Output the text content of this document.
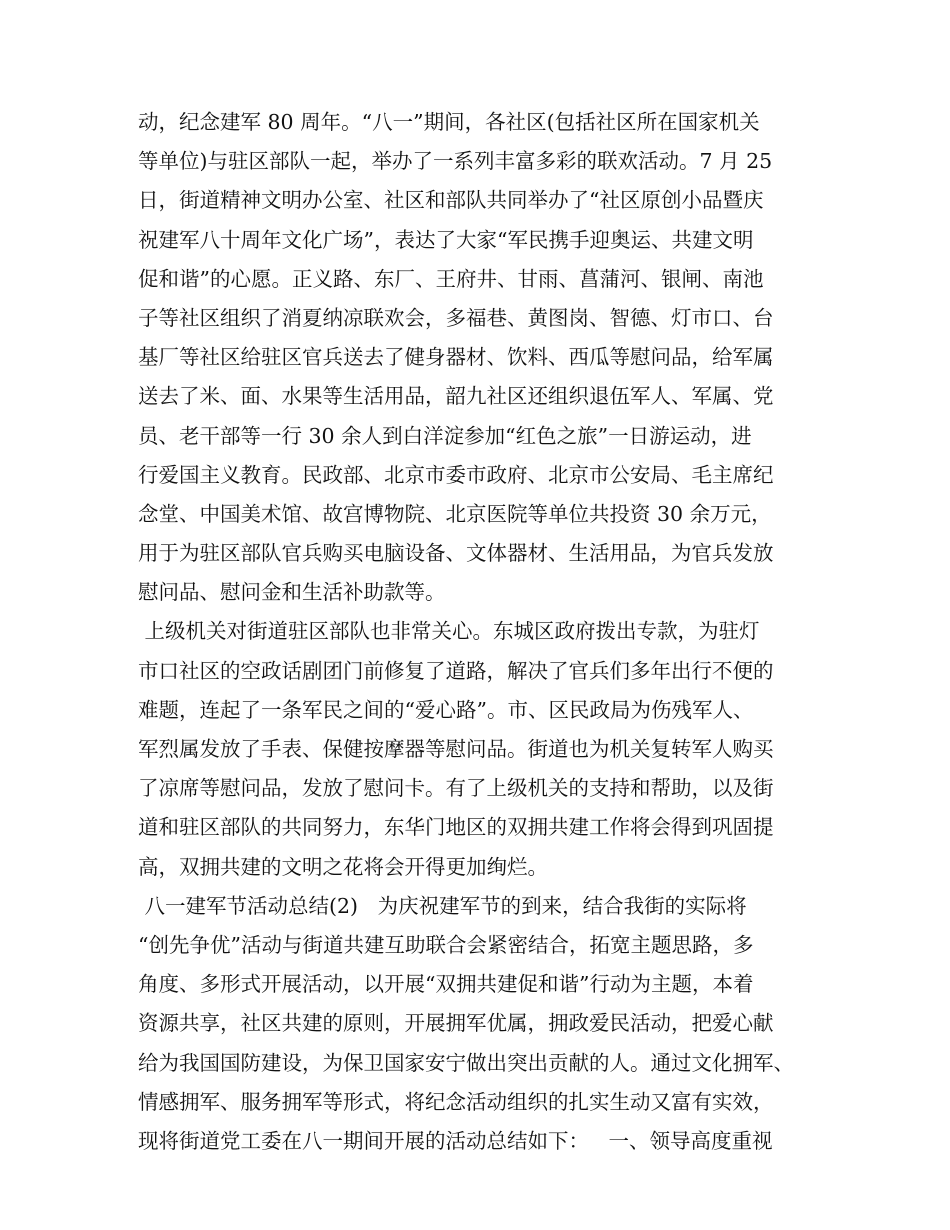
动，纪念建军 80 周年。“八一”期间，各社区(包括社区所在国家机关
等单位)与驻区部队一起，举办了一系列丰富多彩的联欢活动。7 月 25
日，街道精神文明办公室、社区和部队共同举办了“社区原创小品暨庆
祝建军八十周年文化广场”，表达了大家“军民携手迎奥运、共建文明
促和谐”的心愿。正义路、东厂、王府井、甘雨、菖蒲河、银闸、南池
子等社区组织了消夏纳凉联欢会，多福巷、黄图岗、智德、灯市口、台
基厂等社区给驻区官兵送去了健身器材、饮料、西瓜等慰问品，给军属
送去了米、面、水果等生活用品，韶九社区还组织退伍军人、军属、党
员、老干部等一行 30 余人到白洋淀参加“红色之旅”一日游运动，进
行爱国主义教育。民政部、北京市委市政府、北京市公安局、毛主席纪
念堂、中国美术馆、故宫博物院、北京医院等单位共投资 30 余万元，
用于为驻区部队官兵购买电脑设备、文体器材、生活用品，为官兵发放
慰问品、慰问金和生活补助款等。
上级机关对街道驻区部队也非常关心。东城区政府拨出专款，为驻灯
市口社区的空政话剧团门前修复了道路，解决了官兵们多年出行不便的
难题，连起了一条军民之间的“爱心路”。市、区民政局为伤残军人、
军烈属发放了手表、保健按摩器等慰问品。街道也为机关复转军人购买
了凉席等慰问品，发放了慰问卡。有了上级机关的支持和帮助，以及街
道和驻区部队的共同努力，东华门地区的双拥共建工作将会得到巩固提
高，双拥共建的文明之花将会开得更加绚烂。
八一建军节活动总结(2)   为庆祝建军节的到来，结合我街的实际将
“创先争优”活动与街道共建互助联合会紧密结合，拓宽主题思路，多
角度、多形式开展活动，以开展“双拥共建促和谐”行动为主题，本着
资源共享，社区共建的原则，开展拥军优属，拥政爱民活动，把爱心献
给为我国国防建设，为保卫国家安宁做出突出贡献的人。通过文化拥军、
情感拥军、服务拥军等形式，将纪念活动组织的扎实生动又富有实效，
现将街道党工委在八一期间开展的活动总结如下：   一、领导高度重视
